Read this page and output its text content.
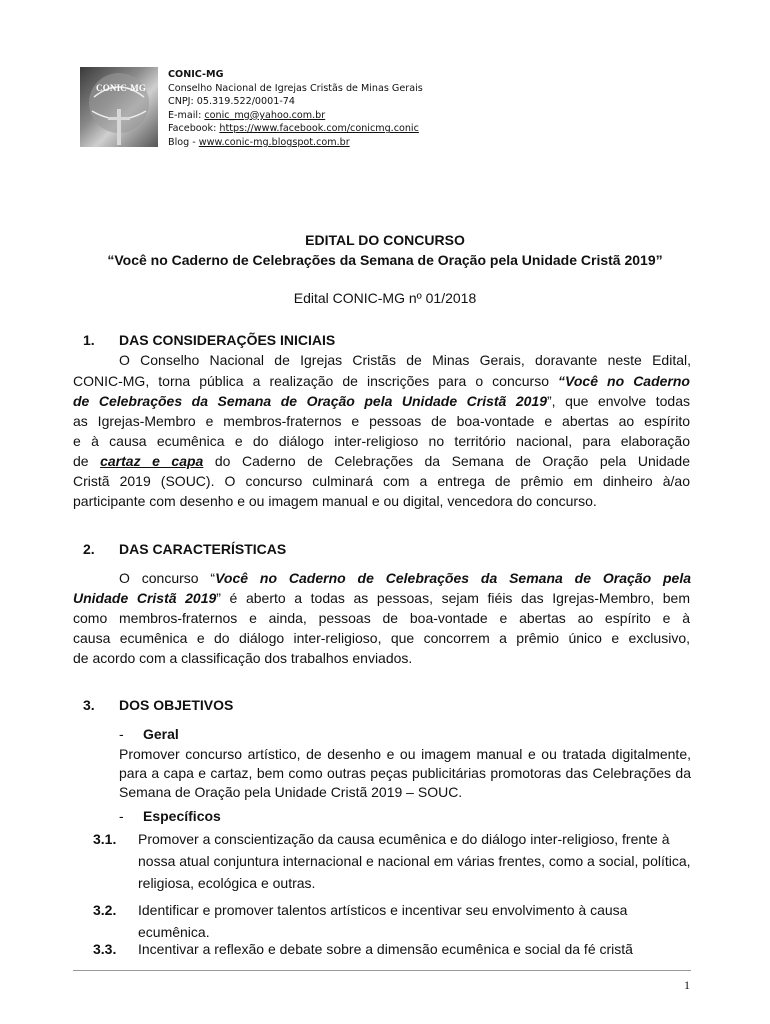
CONIC-MG
CONIC-MG
Conselho Nacional de Igrejas Cristãs de Minas Gerais
CNPJ: 05.319.522/0001-74
E-mail: conic_mg@yahoo.com.br
Facebook: https://www.facebook.com/conicmg.conic
Blog - www.conic-mg.blogspot.com.br
EDITAL DO CONCURSO
“Você no Caderno de Celebrações da Semana de Oração pela Unidade Cristã 2019”
Edital CONIC-MG nº 01/2018
1. DAS CONSIDERAÇÕES INICIAIS
O Conselho Nacional de Igrejas Cristãs de Minas Gerais, doravante neste Edital,
CONIC-MG, torna pública a realização de inscrições para o concurso “Você no Caderno
de Celebrações da Semana de Oração pela Unidade Cristã 2019”, que envolve todas
as Igrejas-Membro e membros-fraternos e pessoas de boa-vontade e abertas ao espírito
e à causa ecumênica e do diálogo inter-religioso no território nacional, para elaboração
de cartaz e capa do Caderno de Celebrações da Semana de Oração pela Unidade
Cristã 2019 (SOUC). O concurso culminará com a entrega de prêmio em dinheiro à/ao
participante com desenho e ou imagem manual e ou digital, vencedora do concurso.
2. DAS CARACTERÍSTICAS
O concurso “Você no Caderno de Celebrações da Semana de Oração pela
Unidade Cristã 2019” é aberto a todas as pessoas, sejam fiéis das Igrejas-Membro, bem
como membros-fraternos e ainda, pessoas de boa-vontade e abertas ao espírito e à
causa ecumênica e do diálogo inter-religioso, que concorrem a prêmio único e exclusivo,
de acordo com a classificação dos trabalhos enviados.
3. DOS OBJETIVOS
- Geral
Promover concurso artístico, de desenho e ou imagem manual e ou tratada digitalmente, para a capa e cartaz, bem como outras peças publicitárias promotoras das Celebrações da Semana de Oração pela Unidade Cristã 2019 – SOUC.
- Específicos
3.1. Promover a conscientização da causa ecumênica e do diálogo inter-religioso, frente à nossa atual conjuntura internacional e nacional em várias frentes, como a social, política, religiosa, ecológica e outras.
3.2. Identificar e promover talentos artísticos e incentivar seu envolvimento à causa ecumênica.
3.3. Incentivar a reflexão e debate sobre a dimensão ecumênica e social da fé cristã
1
